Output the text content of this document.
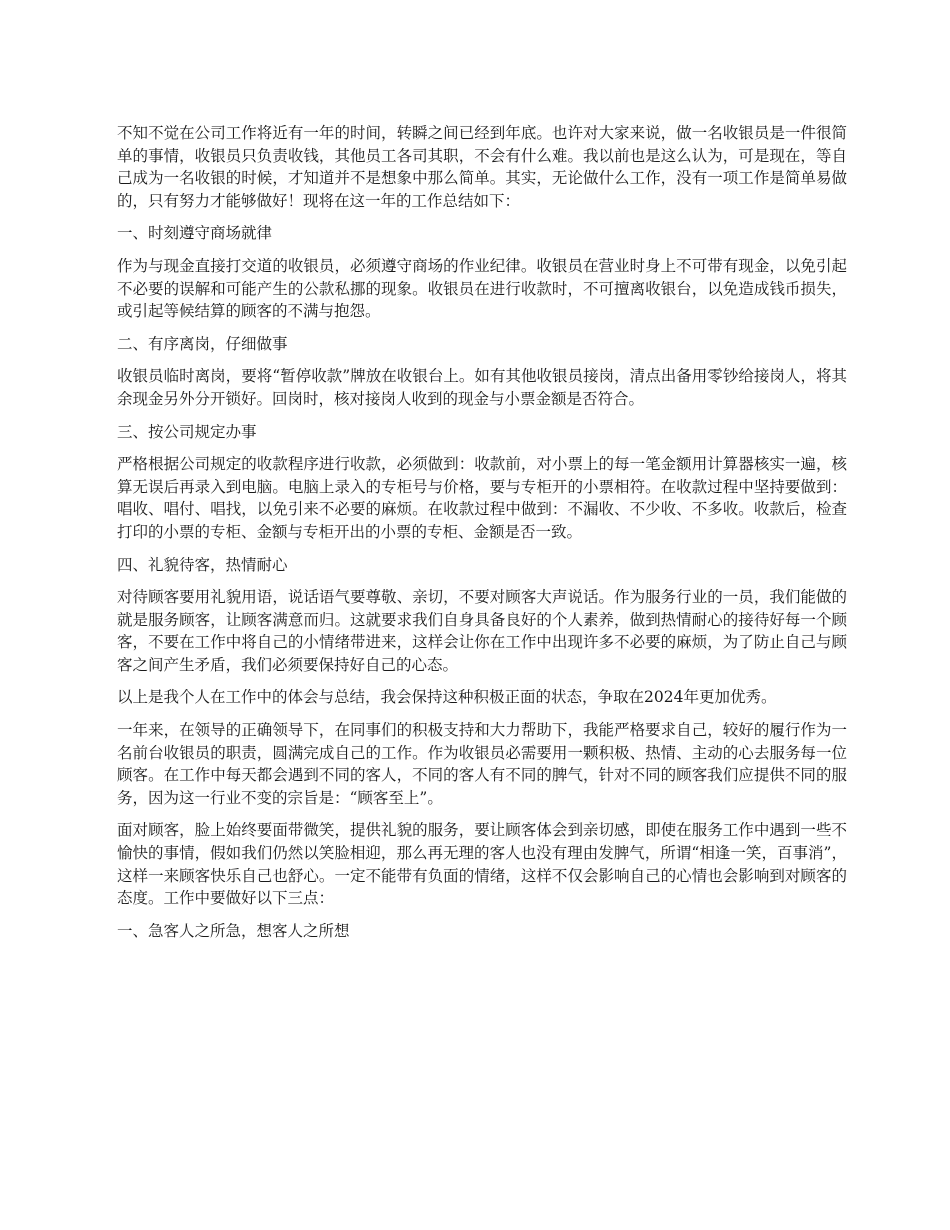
不知不觉在公司工作将近有一年的时间，转瞬之间已经到年底。也许对大家来说，做一名收银员是一件很简单的事情，收银员只负责收钱，其他员工各司其职，不会有什么难。我以前也是这么认为，可是现在，等自己成为一名收银的时候，才知道并不是想象中那么简单。其实，无论做什么工作，没有一项工作是简单易做的，只有努力才能够做好！现将在这一年的工作总结如下：

一、时刻遵守商场就律

作为与现金直接打交道的收银员，必须遵守商场的作业纪律。收银员在营业时身上不可带有现金，以免引起不必要的误解和可能产生的公款私挪的现象。收银员在进行收款时，不可擅离收银台，以免造成钱币损失，或引起等候结算的顾客的不满与抱怨。

二、有序离岗，仔细做事

收银员临时离岗，要将“暂停收款”牌放在收银台上。如有其他收银员接岗，清点出备用零钞给接岗人，将其余现金另外分开锁好。回岗时，核对接岗人收到的现金与小票金额是否符合。

三、按公司规定办事

严格根据公司规定的收款程序进行收款，必须做到：收款前，对小票上的每一笔金额用计算器核实一遍，核算无误后再录入到电脑。电脑上录入的专柜号与价格，要与专柜开的小票相符。在收款过程中坚持要做到：唱收、唱付、唱找，以免引来不必要的麻烦。在收款过程中做到：不漏收、不少收、不多收。收款后，检查打印的小票的专柜、金额与专柜开出的小票的专柜、金额是否一致。

四、礼貌待客，热情耐心

对待顾客要用礼貌用语，说话语气要尊敬、亲切，不要对顾客大声说话。作为服务行业的一员，我们能做的就是服务顾客，让顾客满意而归。这就要求我们自身具备良好的个人素养，做到热情耐心的接待好每一个顾客，不要在工作中将自己的小情绪带进来，这样会让你在工作中出现许多不必要的麻烦，为了防止自己与顾客之间产生矛盾，我们必须要保持好自己的心态。

以上是我个人在工作中的体会与总结，我会保持这种积极正面的状态，争取在2024年更加优秀。

一年来，在领导的正确领导下，在同事们的积极支持和大力帮助下，我能严格要求自己，较好的履行作为一名前台收银员的职责，圆满完成自己的工作。作为收银员必需要用一颗积极、热情、主动的心去服务每一位顾客。在工作中每天都会遇到不同的客人，不同的客人有不同的脾气，针对不同的顾客我们应提供不同的服务，因为这一行业不变的宗旨是：“顾客至上”。

面对顾客，脸上始终要面带微笑，提供礼貌的服务，要让顾客体会到亲切感，即使在服务工作中遇到一些不愉快的事情，假如我们仍然以笑脸相迎，那么再无理的客人也没有理由发脾气，所谓“相逢一笑，百事消”，这样一来顾客快乐自己也舒心。一定不能带有负面的情绪，这样不仅会影响自己的心情也会影响到对顾客的态度。工作中要做好以下三点：

一、急客人之所急，想客人之所想
